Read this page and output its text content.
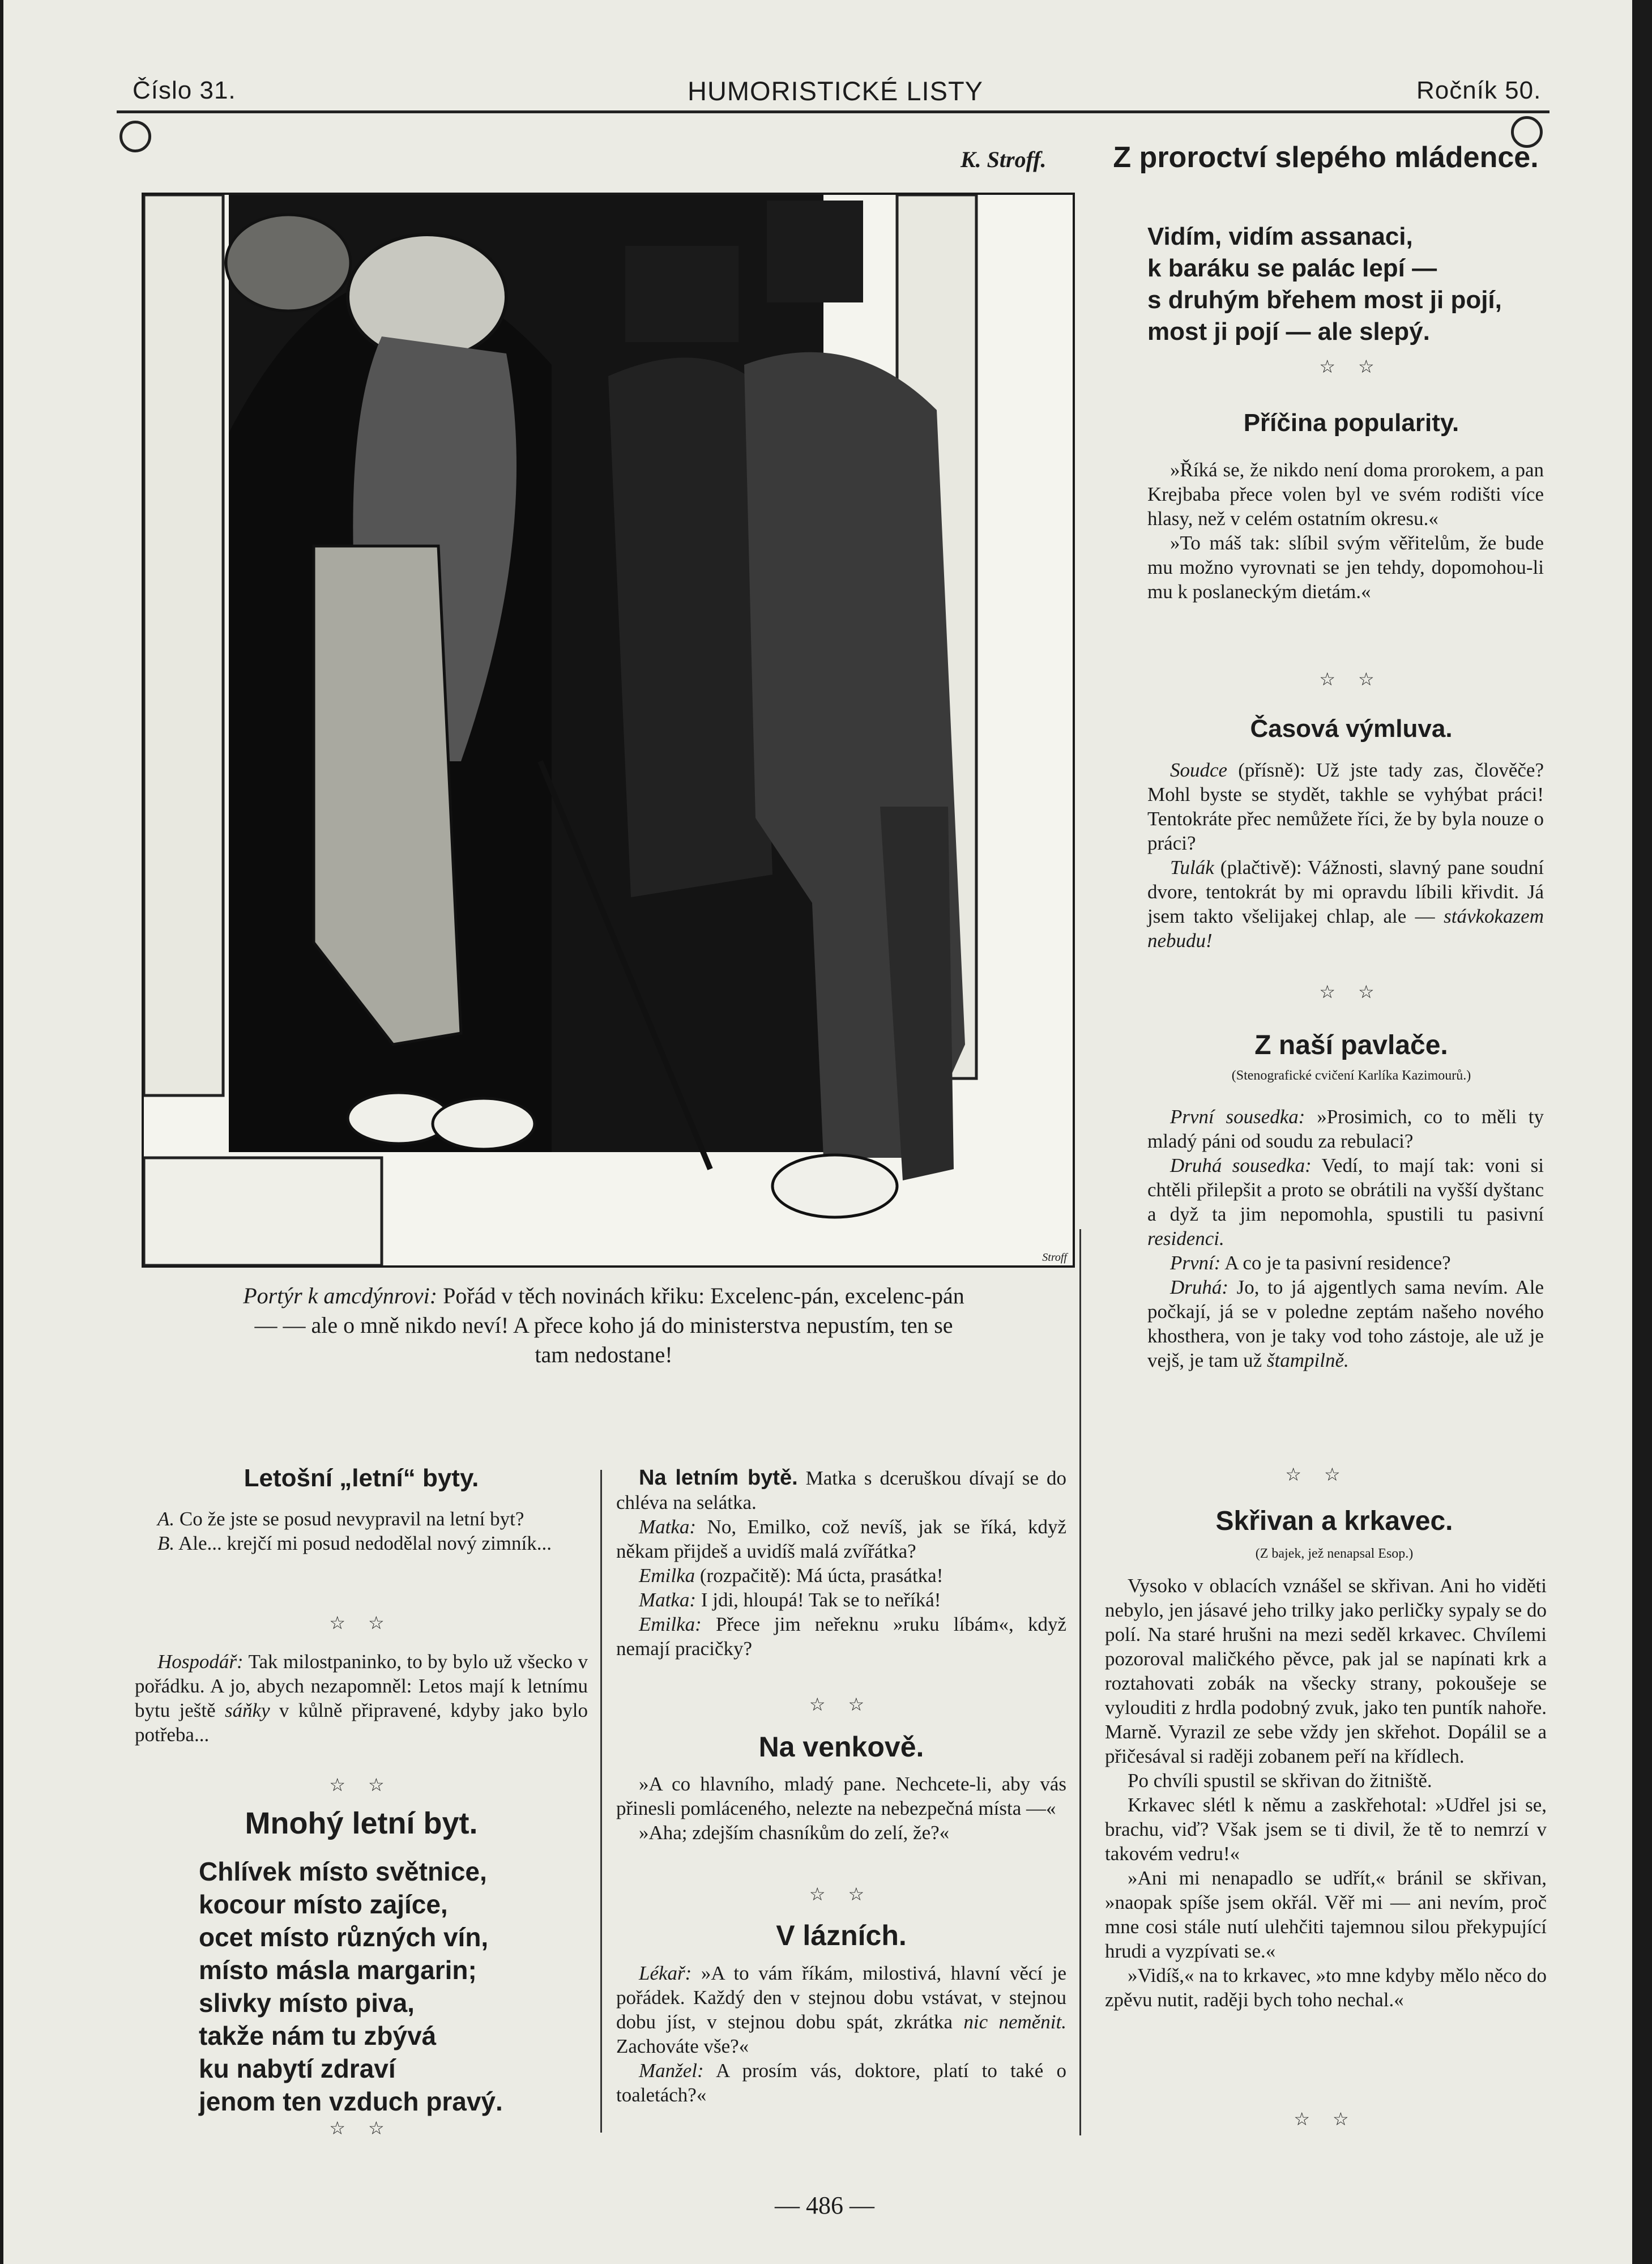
Číslo 31.	HUMORISTICKÉ LISTY	Ročník 50.
K. Stroff.
Stroff
Portýr k amcdýnrovi: Pořád v těch novinách křiku: Excelenc-pán, excelenc-pán — — ale o mně nikdo neví! A přece koho já do ministerstva nepustím, ten se tam nedostane!
Z proroctví slepého mládence.
Vidím, vidím assanaci,
k baráku se palác lepí —
s druhým břehem most ji pojí,
most ji pojí — ale slepý.
☆ ☆
Příčina popularity.

»Říká se, že nikdo není doma prorokem, a pan Krejbaba přece volen byl ve svém rodišti více hlasy, než v celém ostatním okresu.«

»To máš tak: slíbil svým věřitelům, že bude mu možno vyrovnati se jen tehdy, dopomohou-li mu k poslaneckým dietám.«

☆ ☆
Časová výmluva.

Soudce (přísně): Už jste tady zas, člověče? Mohl byste se stydět, takhle se vyhýbat práci! Tentokráte přec nemůžete říci, že by byla nouze o práci?

Tulák (plačtivě): Vážnosti, slavný pane soudní dvore, tentokrát by mi opravdu líbili křivdit. Já jsem takto všelijakej chlap, ale — stávkokazem nebudu!

☆ ☆
Z naší pavlače.
(Stenografické cvičení Karlíka Kazimourů.)

První sousedka: »Prosimich, co to měli ty mladý páni od soudu za rebulaci?

Druhá sousedka: Vedí, to mají tak: voni si chtěli přilepšit a proto se obrátili na vyšší dyštanc a dyž ta jim nepomohla, spustili tu pasivní residenci.

První: A co je ta pasivní residence?

Druhá: Jo, to já ajgentlych sama nevím. Ale počkají, já se v poledne zeptám našeho nového khosthera, von je taky vod toho zástoje, ale už je vejš, je tam už štampilně.

☆ ☆
Skřivan a krkavec.
(Z bajek, jež nenapsal Esop.)

Vysoko v oblacích vznášel se skřivan. Ani ho viděti nebylo, jen jásavé jeho trilky jako perličky sypaly se do polí. Na staré hrušni na mezi seděl krkavec. Chvílemi pozoroval maličkého pěvce, pak jal se napínati krk a roztahovati zobák na všecky strany, pokoušeje se vylouditi z hrdla podobný zvuk, jako ten puntík nahoře. Marně. Vyrazil ze sebe vždy jen skřehot. Dopálil se a přičesával si raději zobanem peří na křídlech.

Po chvíli spustil se skřivan do žitniště.

Krkavec slétl k němu a zaskřehotal: »Udřel jsi se, brachu, viď? Však jsem se ti divil, že tě to nemrzí v takovém vedru!«

»Ani mi nenapadlo se udřít,« bránil se skřivan, »naopak spíše jsem okřál. Věř mi — ani nevím, proč mne cosi stále nutí ulehčiti tajemnou silou překypující hrudi a vyzpívati se.«

»Vidíš,« na to krkavec, »to mne kdyby mělo něco do zpěvu nutit, raději bych toho nechal.«

☆ ☆
Letošní „letní“ byty.

A. Co že jste se posud nevypravil na letní byt?

B. Ale... krejčí mi posud nedodělal nový zimník...

☆ ☆

Hospodář: Tak milostpaninko, to by bylo už všecko v pořádku. A jo, abych nezapomněl: Letos mají k letnímu bytu ještě sáňky v kůlně připravené, kdyby jako bylo potřeba...

☆ ☆
Mnohý letní byt.
Chlívek místo světnice,
kocour místo zajíce,
ocet místo různých vín,
místo másla margarin;
slivky místo piva,
takže nám tu zbývá
ku nabytí zdraví
jenom ten vzduch pravý.
☆ ☆

Na letním bytě. Matka s dceruškou dívají se do chléva na selátka.

Matka: No, Emilko, což nevíš, jak se říká, když někam přijdeš a uvidíš malá zvířátka?

Emilka (rozpačitě): Má úcta, prasátka!

Matka: I jdi, hloupá! Tak se to neříká!

Emilka: Přece jim neřeknu »ruku líbám«, když nemají pracičky?

☆ ☆
Na venkově.

»A co hlavního, mladý pane. Nechcete-li, aby vás přinesli pomláceného, nelezte na nebezpečná místa —«

»Aha; zdejším chasníkům do zelí, že?«

☆ ☆
V lázních.

Lékař: »A to vám říkám, milostivá, hlavní věcí je pořádek. Každý den v stejnou dobu vstávat, v stejnou dobu jíst, v stejnou dobu spát, zkrátka nic neměnit. Zachováte vše?«

Manžel: A prosím vás, doktore, platí to také o toaletách?«

— 486 —
